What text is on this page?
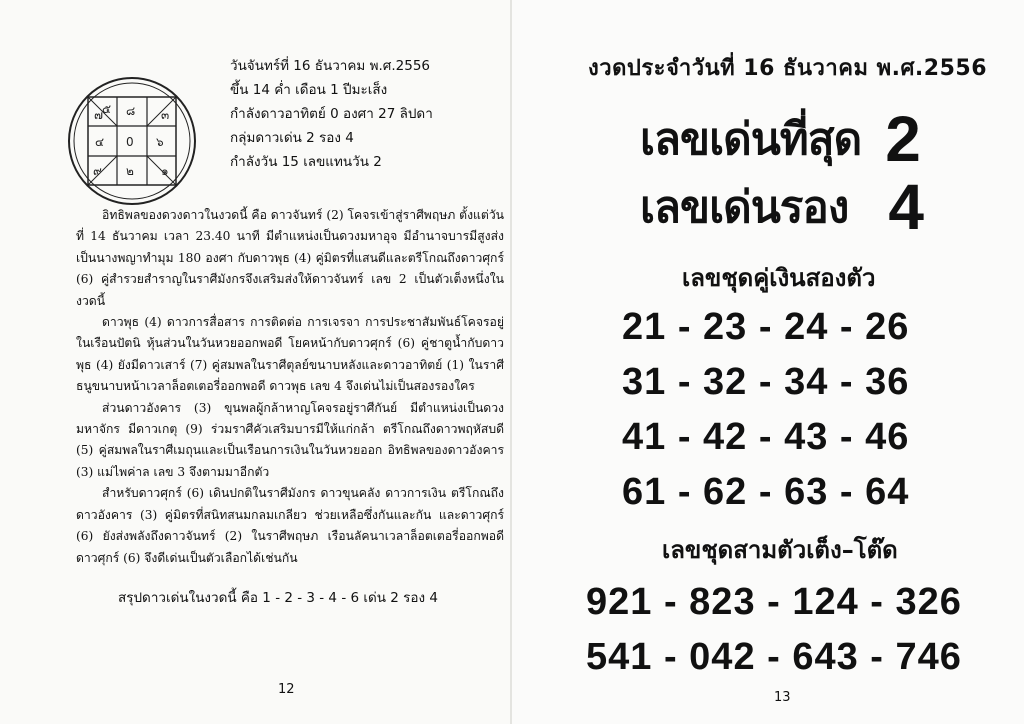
0
๗ ๘ ๓
๖
๑
๒
๙
๔
๕
วันจันทร์ที่ 16 ธันวาคม พ.ศ.2556
ขึ้น 14 ค่ำ เดือน 1 ปีมะเส็ง
กำลังดาวอาทิตย์ 0 องศา 27 ลิปดา
กลุ่มดาวเด่น 2 รอง 4
กำลังวัน 15 เลขแทนวัน 2

อิทธิพลของดวงดาวในงวดนี้ คือ ดาวจันทร์ (2) โคจรเข้าสู่ราศีพฤษภ ตั้งแต่วันที่ 14 ธันวาคม เวลา 23.40 นาที มีตำแหน่งเป็นดวงมหาอุจ มีอำนาจบารมีสูงส่งเป็นนางพญาทำมุม 180 องศา กับดาวพุธ (4) คู่มิตรที่แสนดีและตรีโกณถึงดาวศุกร์ (6) คู่สำรวยสำราญในราศีมังกรจึงเสริมส่งให้ดาวจันทร์ เลข 2 เป็นตัวเต็งหนึ่งในงวดนี้

ดาวพุธ (4) ดาวการสื่อสาร การติดต่อ การเจรจา การประชาสัมพันธ์โคจรอยู่ในเรือนปัตนิ หุ้นส่วนในวันหวยออกพอดี โยคหน้ากับดาวศุกร์ (6) คู่ชาตูน้ำกับดาวพุธ (4) ยังมีดาวเสาร์ (7) คู่สมพลในราศีตุลย์ขนาบหลังและดาวอาทิตย์ (1) ในราศีธนูขนาบหน้าเวลาล็อตเตอรี่ออกพอดี ดาวพุธ เลข 4 จึงเด่นไม่เป็นสองรองใคร

ส่วนดาวอังคาร (3) ขุนพลผู้กล้าหาญโคจรอยู่ราศีกันย์ มีตำแหน่งเป็นดวงมหาจักร มีดาวเกตุ (9) ร่วมราศีคัวเสริมบารมีให้แก่กล้า ตรีโกณถึงดาวพฤหัสบดี (5) คู่สมพลในราศีเมถุนและเป็นเรือนการเงินในวันหวยออก อิทธิพลของดาวอังคาร (3) แม่ไพค่าล เลข 3 จึงตามมาอีกตัว

สำหรับดาวศุกร์ (6) เดินปกติในราศีมังกร ดาวขุนคลัง ดาวการเงิน ตรีโกณถึงดาวอังคาร (3) คู่มิตรที่สนิทสนมกลมเกลียว ช่วยเหลือซึ่งกันและกัน และดาวศุกร์ (6) ยังส่งพลังถึงดาวจันทร์ (2) ในราศีพฤษภ เรือนลัคนาเวลาล็อตเตอรี่ออกพอดี ดาวศุกร์ (6) จึงดีเด่นเป็นตัวเลือกได้เช่นกัน

สรุปดาวเด่นในงวดนี้ คือ 1 - 2 - 3 - 4 - 6 เด่น 2 รอง 4
12
งวดประจำวันที่ 16 ธันวาคม พ.ศ.2556
เลขเด่นที่สุด 2
เลขเด่นรอง 4
เลขชุดคู่เงินสองตัว
21 - 23 - 24 - 26
31 - 32 - 34 - 36
41 - 42 - 43 - 46
61 - 62 - 63 - 64
เลขชุดสามตัวเต็ง–โต๊ด
921 - 823 - 124 - 326
541 - 042 - 643 - 746
13
